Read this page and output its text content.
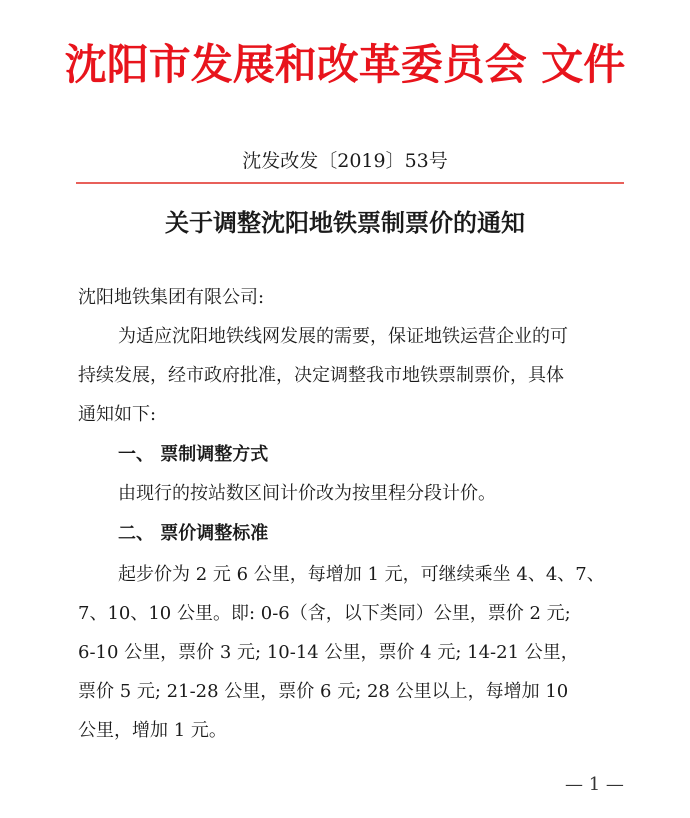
沈阳市发展和改革委员会 文件
沈发改发〔2019〕53号
关于调整沈阳地铁票制票价的通知
沈阳地铁集团有限公司:
为适应沈阳地铁线网发展的需要，保证地铁运营企业的可
持续发展，经市政府批准，决定调整我市地铁票制票价，具体
通知如下:
一、 票制调整方式
由现行的按站数区间计价改为按里程分段计价。
二、 票价调整标准
起步价为 2 元 6 公里，每增加 1 元，可继续乘坐 4、4、7、
7、10、10 公里。即: 0-6（含，以下类同）公里，票价 2 元;
6-10 公里，票价 3 元; 10-14 公里，票价 4 元; 14-21 公里，
票价 5 元; 21-28 公里，票价 6 元; 28 公里以上，每增加 10
公里，增加 1 元。
— 1 —
